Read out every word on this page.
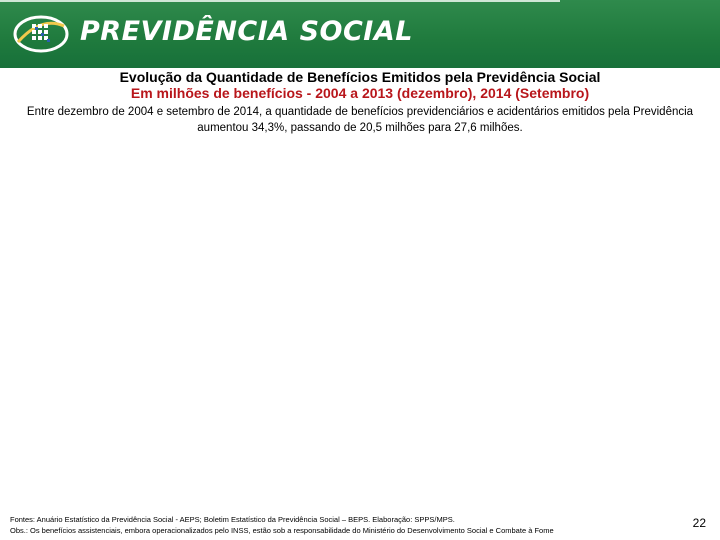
PREVIDÊNCIA SOCIAL
Evolução da Quantidade de Benefícios Emitidos pela Previdência Social
Em milhões de benefícios - 2004 a 2013 (dezembro), 2014 (Setembro)
Entre dezembro de 2004 e setembro de 2014, a quantidade de benefícios previdenciários e acidentários emitidos pela Previdência aumentou 34,3%, passando de 20,5 milhões para 27,6 milhões.
Fontes: Anuário Estatístico da Previdência Social - AEPS; Boletim Estatístico da Previdência Social – BEPS. Elaboração: SPPS/MPS.
Obs.: Os benefícios assistenciais, embora operacionalizados pelo INSS, estão sob a responsabilidade do Ministério do Desenvolvimento Social e Combate à Fome
22
